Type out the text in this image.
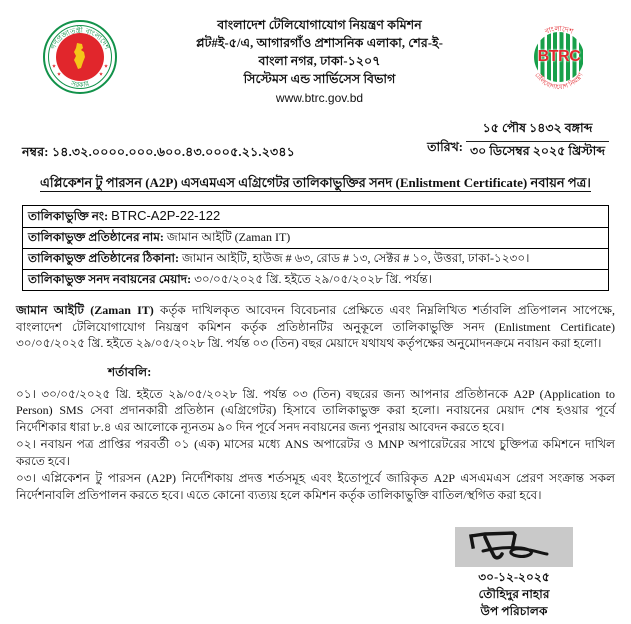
গণপ্রজাতন্ত্রী বাংলাদেশ
সরকার
বাংলাদেশ টেলিযোগাযোগ নিয়ন্ত্রণ কমিশন
প্লট#ই-৫/এ, আগারগাঁও প্রশাসনিক এলাকা, শের-ই-
বাংলা নগর, ঢাকা-১২০৭
সিস্টেমস এন্ড সার্ভিসেস বিভাগ
www.btrc.gov.bd
বাংলাদেশ
টেলিযোগাযোগ নিয়ন্ত্রণ
BTRC
তারিখ:
১৫ পৌষ ১৪৩২ বঙ্গাব্দ
৩০ ডিসেম্বর ২০২৫ খ্রিস্টাব্দ
নম্বর: ১৪.৩২.০০০০.০০০.৬০০.৪৩.০০০৫.২১.২৩৪১
এপ্লিকেশন টু পারসন (A2P) এসএমএস এগ্রিগেটর তালিকাভুক্তির সনদ (Enlistment Certificate) নবায়ন পত্র।
তালিকাভুক্তি নং: BTRC-A2P-22-122
তালিকাভুক্ত প্রতিষ্ঠানের নাম: জামান আইটি (Zaman IT)
তালিকাভুক্ত প্রতিষ্ঠানের ঠিকানা: জামান আইটি, হাউজ # ৬৩, রোড # ১৩, সেক্টর # ১০, উত্তরা, ঢাকা-১২৩০।
তালিকাভুক্ত সনদ নবায়নের মেয়াদ: ৩০/০৫/২০২৫ খ্রি. হইতে ২৯/০৫/২০২৮ খ্রি. পর্যন্ত।
জামান আইটি (Zaman IT) কর্তৃক দাখিলকৃত আবেদন বিবেচনার প্রেক্ষিতে এবং নিম্নলিখিত শর্তাবলি প্রতিপালন সাপেক্ষে, বাংলাদেশ টেলিযোগাযোগ নিয়ন্ত্রণ কমিশন কর্তৃক প্রতিষ্ঠানটির অনুকূলে তালিকাভুক্তি সনদ (Enlistment Certificate) ৩০/০৫/২০২৫ খ্রি. হইতে ২৯/০৫/২০২৮ খ্রি. পর্যন্ত ০৩ (তিন) বছর মেয়াদে যথাযথ কর্তৃপক্ষের অনুমোদনক্রমে নবায়ন করা হলো।
শর্তাবলি:
০১। ৩০/০৫/২০২৫ খ্রি. হইতে ২৯/০৫/২০২৮ খ্রি. পর্যন্ত ০৩ (তিন) বছরের জন্য আপনার প্রতিষ্ঠানকে A2P (Application to Person) SMS সেবা প্রদানকারী প্রতিষ্ঠান (এগ্রিগেটর) হিসাবে তালিকাভুক্ত করা হলো। নবায়নের মেয়াদ শেষ হওয়ার পূর্বে নির্দেশিকার ধারা ৮.৪ এর আলোকে ন্যূনতম ৯০ দিন পূর্বে সনদ নবায়নের জন্য পুনরায় আবেদন করতে হবে।
০২। নবায়ন পত্র প্রাপ্তির পরবর্তী ০১ (এক) মাসের মধ্যে ANS অপারেটর ও MNP অপারেটরের সাথে চুক্তিপত্র কমিশনে দাখিল করতে হবে।
০৩। এপ্লিকেশন টু পারসন (A2P) নির্দেশিকায় প্রদত্ত শর্তসমূহ এবং ইতোপূর্বে জারিকৃত A2P এসএমএস প্রেরণ সংক্রান্ত সকল নির্দেশনাবলি প্রতিপালন করতে হবে। এতে কোনো ব্যত্যয় হলে কমিশন কর্তৃক তালিকাভুক্তি বাতিল/স্থগিত করা হবে।
৩০-১২-২০২৫
তৌহিদুর নাহার
উপ পরিচালক
